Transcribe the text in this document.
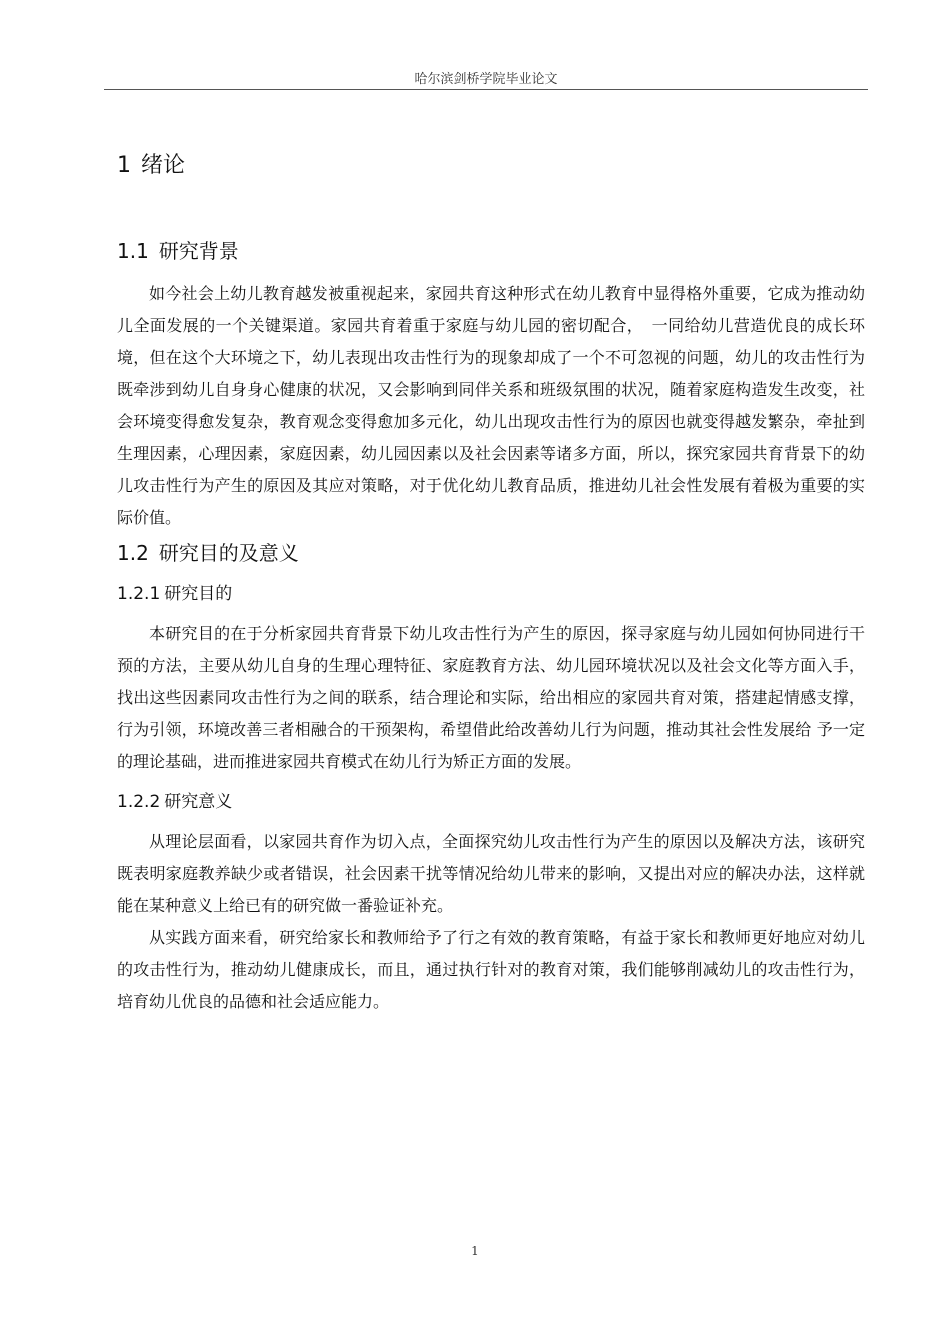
哈尔滨剑桥学院毕业论文
1 绪论
1.1 研究背景

如今社会上幼儿教育越发被重视起来，家园共育这种形式在幼儿教育中显得格外重要，它成为推动幼儿全面发展的一个关键渠道。家园共育着重于家庭与幼儿园的密切配合，　一同给幼儿营造优良的成长环境，但在这个大环境之下，幼儿表现出攻击性行为的现象却成了一个不可忽视的问题，幼儿的攻击性行为既牵涉到幼儿自身身心健康的状况，又会影响到同伴关系和班级氛围的状况，随着家庭构造发生改变，社会环境变得愈发复杂，教育观念变得愈加多元化，幼儿出现攻击性行为的原因也就变得越发繁杂，牵扯到生理因素，心理因素，家庭因素，幼儿园因素以及社会因素等诸多方面，所以，探究家园共育背景下的幼儿攻击性行为产生的原因及其应对策略，对于优化幼儿教育品质，推进幼儿社会性发展有着极为重要的实际价值。

1.2 研究目的及意义
1.2.1 研究目的

本研究目的在于分析家园共育背景下幼儿攻击性行为产生的原因，探寻家庭与幼儿园如何协同进行干预的方法，主要从幼儿自身的生理心理特征、家庭教育方法、幼儿园环境状况以及社会文化等方面入手，找出这些因素同攻击性行为之间的联系，结合理论和实际，给出相应的家园共育对策，搭建起情感支撑，行为引领，环境改善三者相融合的干预架构，希望借此给改善幼儿行为问题，推动其社会性发展给 予一定的理论基础，进而推进家园共育模式在幼儿行为矫正方面的发展。

1.2.2 研究意义

从理论层面看，以家园共育作为切入点，全面探究幼儿攻击性行为产生的原因以及解决方法，该研究既表明家庭教养缺少或者错误，社会因素干扰等情况给幼儿带来的影响，又提出对应的解决办法，这样就能在某种意义上给已有的研究做一番验证补充。

从实践方面来看，研究给家长和教师给予了行之有效的教育策略，有益于家长和教师更好地应对幼儿的攻击性行为，推动幼儿健康成长，而且，通过执行针对的教育对策，我们能够削减幼儿的攻击性行为，培育幼儿优良的品德和社会适应能力。

1
